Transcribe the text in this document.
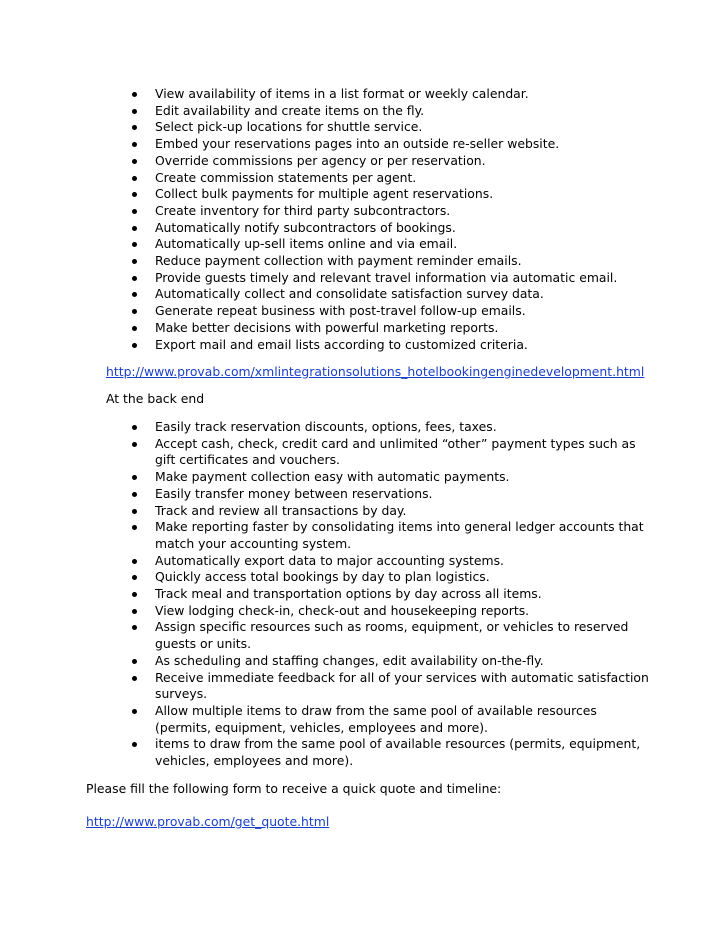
View availability of items in a list format or weekly calendar.
Edit availability and create items on the fly.
Select pick-up locations for shuttle service.
Embed your reservations pages into an outside re-seller website.
Override commissions per agency or per reservation.
Create commission statements per agent.
Collect bulk payments for multiple agent reservations.
Create inventory for third party subcontractors.
Automatically notify subcontractors of bookings.
Automatically up-sell items online and via email.
Reduce payment collection with payment reminder emails.
Provide guests timely and relevant travel information via automatic email.
Automatically collect and consolidate satisfaction survey data.
Generate repeat business with post-travel follow-up emails.
Make better decisions with powerful marketing reports.
Export mail and email lists according to customized criteria.
http://www.provab.com/xmlintegrationsolutions_hotelbookingenginedevelopment.html
At the back end
Easily track reservation discounts, options, fees, taxes.
Accept cash, check, credit card and unlimited “other” payment types such as gift certificates and vouchers.
Make payment collection easy with automatic payments.
Easily transfer money between reservations.
Track and review all transactions by day.
Make reporting faster by consolidating items into general ledger accounts that match your accounting system.
Automatically export data to major accounting systems.
Quickly access total bookings by day to plan logistics.
Track meal and transportation options by day across all items.
View lodging check-in, check-out and housekeeping reports.
Assign specific resources such as rooms, equipment, or vehicles to reserved guests or units.
As scheduling and staffing changes, edit availability on-the-fly.
Receive immediate feedback for all of your services with automatic satisfaction surveys.
Allow multiple items to draw from the same pool of available resources (permits, equipment, vehicles, employees and more).
items to draw from the same pool of available resources (permits, equipment, vehicles, employees and more).
Please fill the following form to receive a quick quote and timeline:
http://www.provab.com/get_quote.html
